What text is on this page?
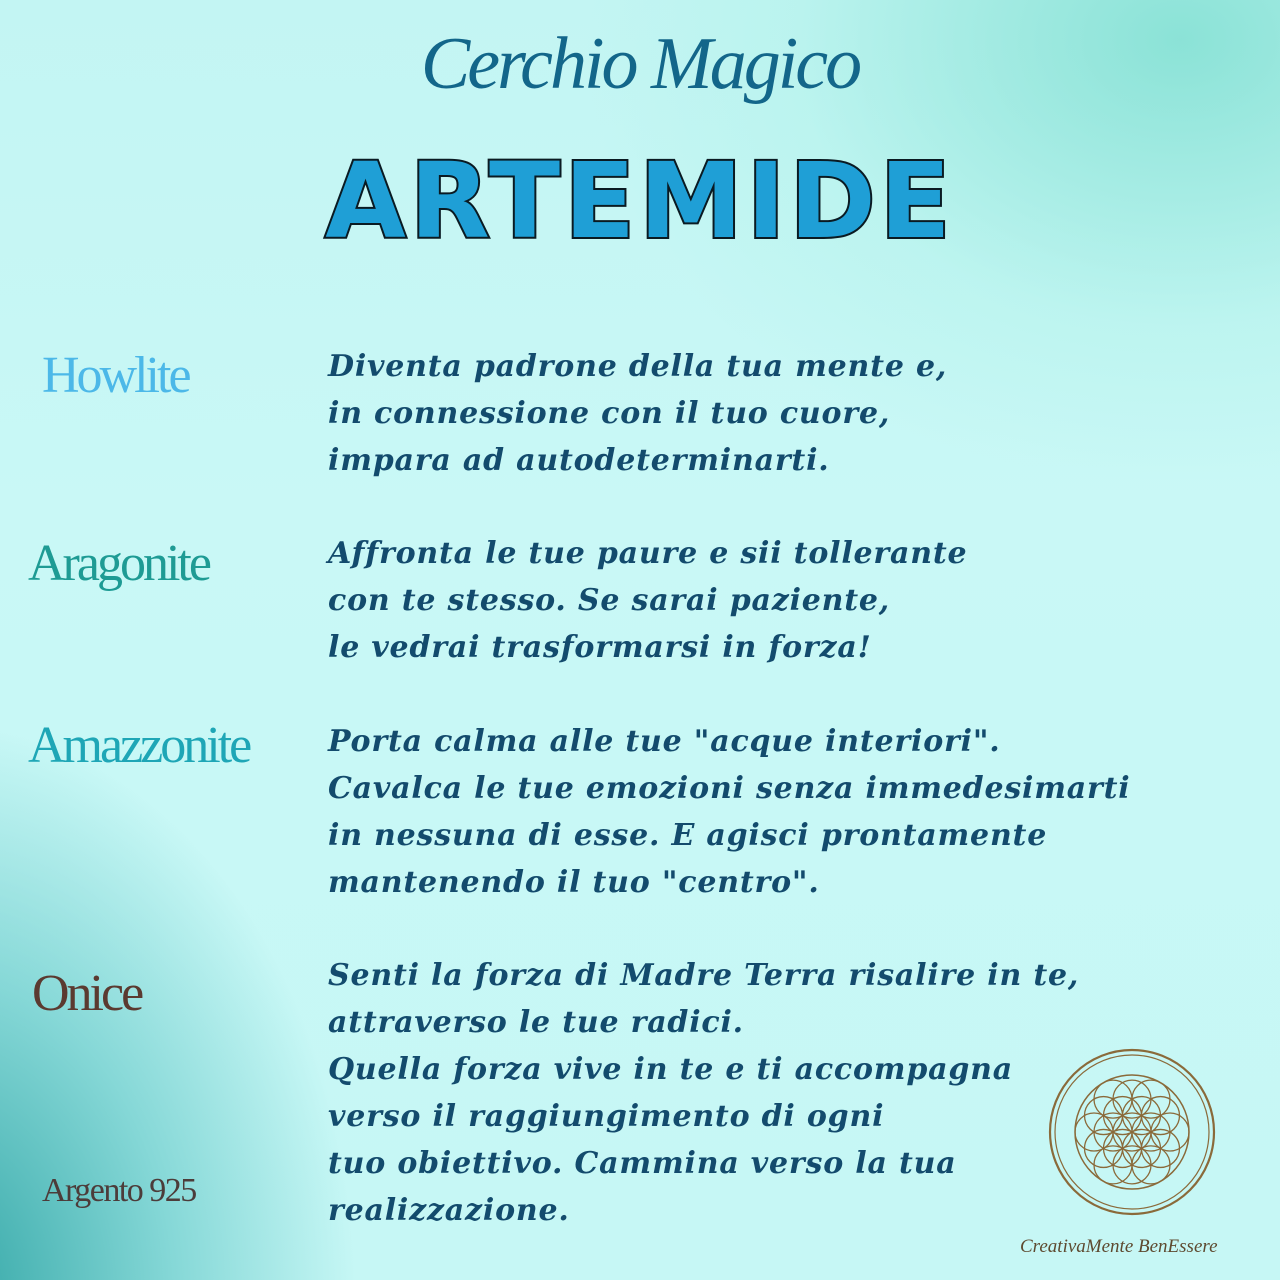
Cerchio Magico
ARTEMIDE
Howlite	Diventa padrone della tua mente e,
in connessione con il tuo cuore,
impara ad autodeterminarti.
Aragonite	Affronta le tue paure e sii tollerante
con te stesso. Se sarai paziente,
le vedrai trasformarsi in forza!
Amazzonite	Porta calma alle tue "acque interiori".
Cavalca le tue emozioni senza immedesimarti
in nessuna di esse. E agisci prontamente
mantenendo il tuo "centro".
Onice	Senti la forza di Madre Terra risalire in te,
attraverso le tue radici.
Quella forza vive in te e ti accompagna
verso il raggiungimento di ogni
tuo obiettivo. Cammina verso la tua
realizzazione.
Argento 925
CreativaMente BenEssere
